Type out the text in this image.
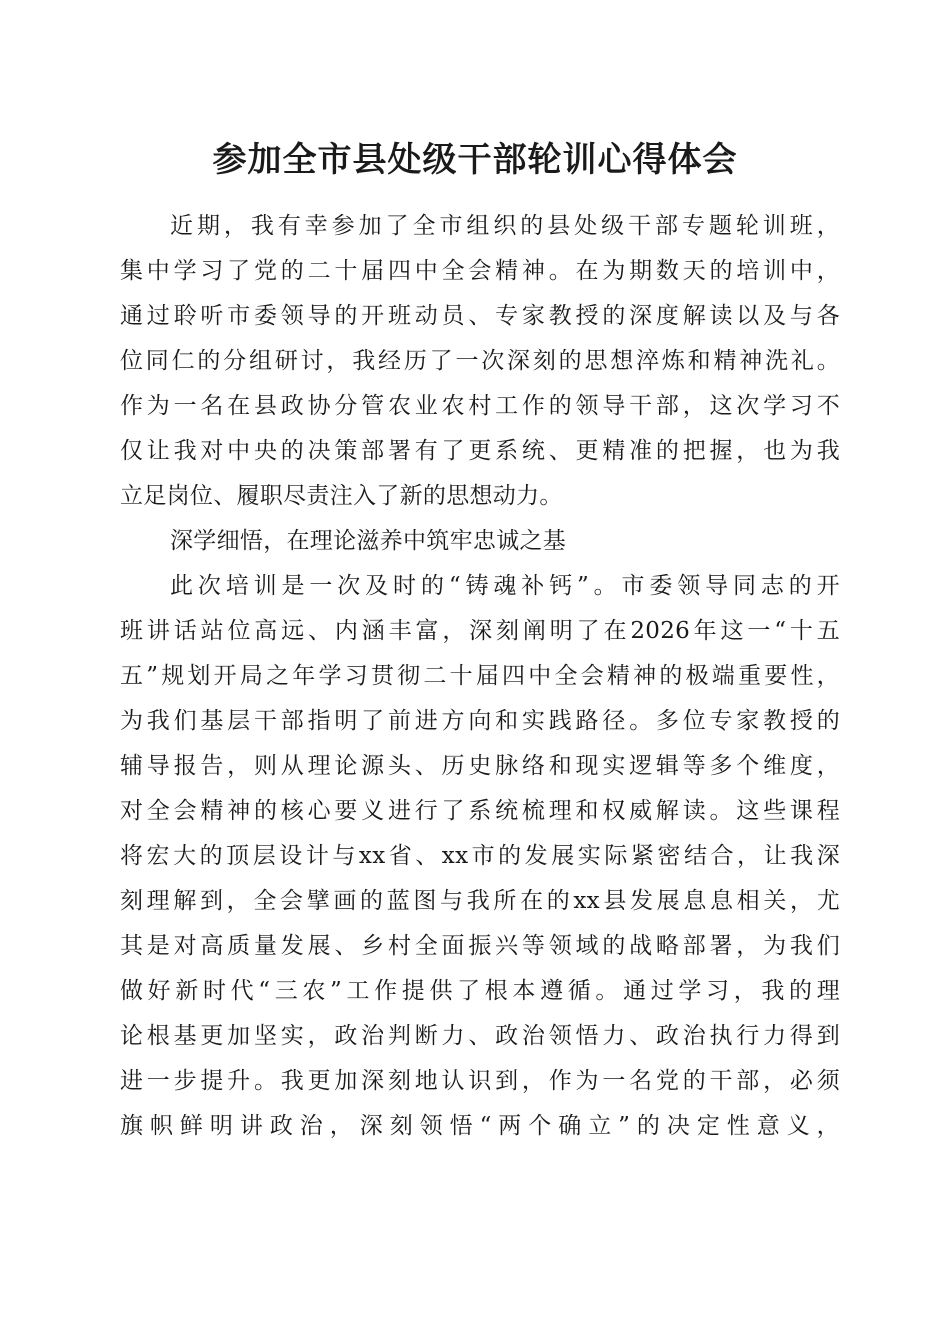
参加全市县处级干部轮训心得体会
近期，我有幸参加了全市组织的县处级干部专题轮训班，
集中学习了党的二十届四中全会精神。在为期数天的培训中，
通过聆听市委领导的开班动员、专家教授的深度解读以及与各
位同仁的分组研讨，我经历了一次深刻的思想淬炼和精神洗礼。
作为一名在县政协分管农业农村工作的领导干部，这次学习不
仅让我对中央的决策部署有了更系统、更精准的把握，也为我
立足岗位、履职尽责注入了新的思想动力。
深学细悟，在理论滋养中筑牢忠诚之基
此次培训是一次及时的“铸魂补钙”。市委领导同志的开
班讲话站位高远、内涵丰富，深刻阐明了在2026年这一“十五
五”规划开局之年学习贯彻二十届四中全会精神的极端重要性，
为我们基层干部指明了前进方向和实践路径。多位专家教授的
辅导报告，则从理论源头、历史脉络和现实逻辑等多个维度，
对全会精神的核心要义进行了系统梳理和权威解读。这些课程
将宏大的顶层设计与xx省、xx市的发展实际紧密结合，让我深
刻理解到，全会擘画的蓝图与我所在的xx县发展息息相关，尤
其是对高质量发展、乡村全面振兴等领域的战略部署，为我们
做好新时代“三农”工作提供了根本遵循。通过学习，我的理
论根基更加坚实，政治判断力、政治领悟力、政治执行力得到
进一步提升。我更加深刻地认识到，作为一名党的干部，必须
旗帜鲜明讲政治，深刻领悟“两个确立”的决定性意义，
